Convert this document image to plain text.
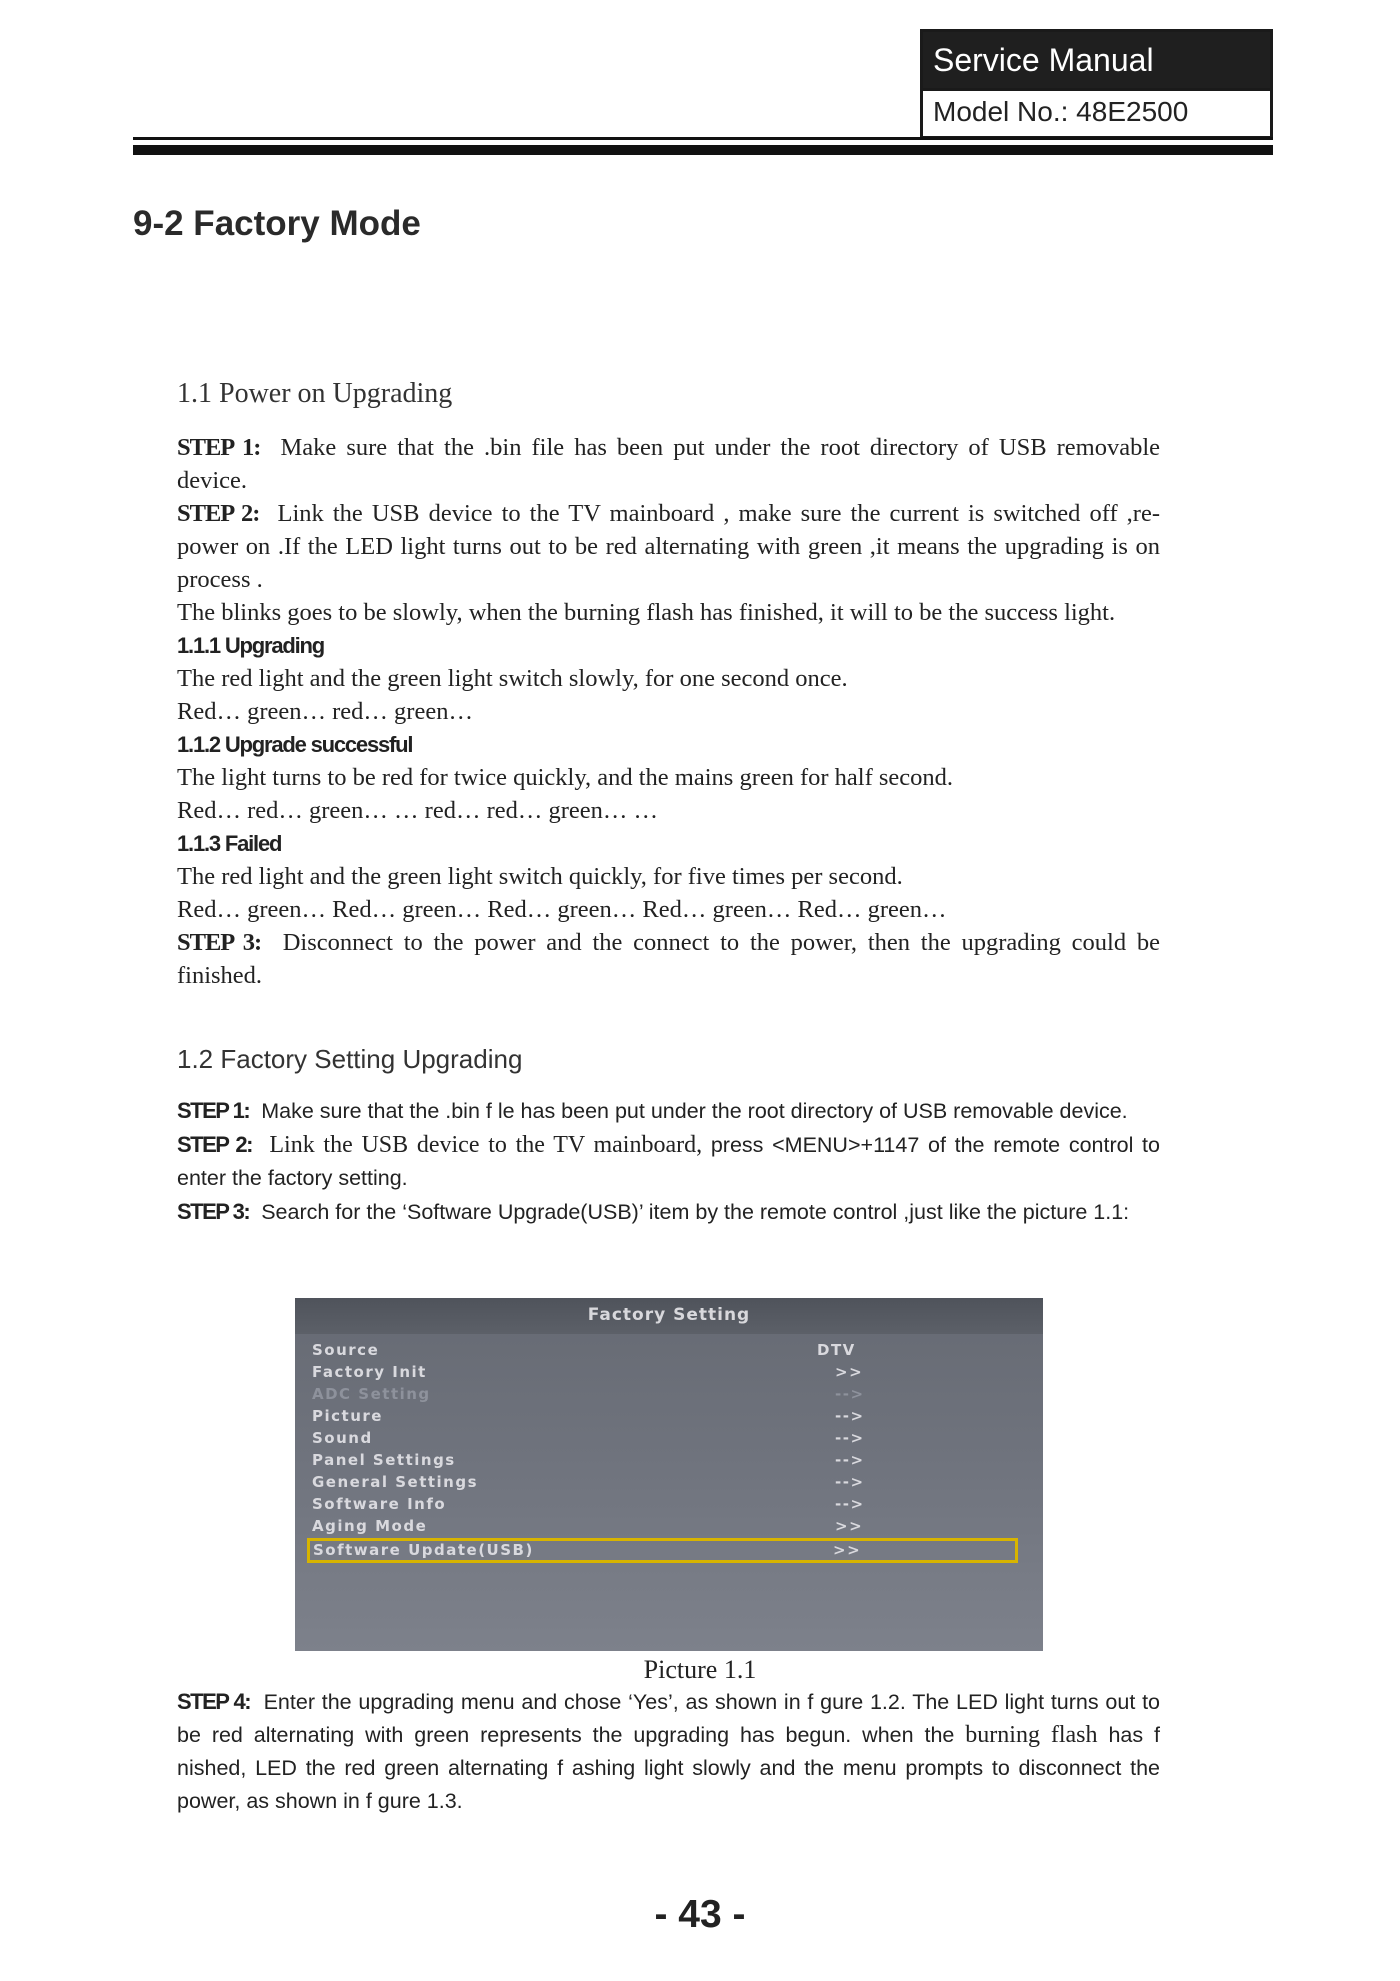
Service Manual
Model No.: 48E2500
9-2 Factory Mode
1.1 Power on Upgrading

STEP 1: Make sure that the .bin file has been put under the root directory of USB removable device.

STEP 2: Link the USB device to the TV mainboard , make sure the current is switched off ,re-power on .If the LED light turns out to be red alternating with green ,it means the upgrading is on process .

The blinks goes to be slowly, when the burning flash has finished, it will to be the success light.

1.1.1 Upgrading

The red light and the green light switch slowly, for one second once.

Red… green… red… green…

1.1.2 Upgrade successful

The light turns to be red for twice quickly, and the mains green for half second.

Red… red… green… … red… red… green… …

1.1.3 Failed

The red light and the green light switch quickly, for five times per second.

Red… green… Red… green… Red… green… Red… green… Red… green…

STEP 3: Disconnect to the power and the connect to the power, then the upgrading could be finished.

1.2 Factory Setting Upgrading

STEP 1: Make sure that the .bin f le has been put under the root directory of USB removable device.

STEP 2: Link the USB device to the TV mainboard, press <MENU>+1147 of the remote control to enter the factory setting.

STEP 3: Search for the ‘Software Upgrade(USB)’ item by the remote control ,just like the picture 1.1:

Factory Setting
Source	DTV
Factory Init	>>
ADC Setting	-->
Picture	-->
Sound	-->
Panel Settings	-->
General Settings	-->
Software Info	-->
Aging Mode	>>
Software Update(USB)	>>
Picture 1.1

STEP 4: Enter the upgrading menu and chose ‘Yes’, as shown in f gure 1.2. The LED light turns out to be red alternating with green represents the upgrading has begun. when the burning flash has f nished, LED the red green alternating f ashing light slowly and the menu prompts to disconnect the power, as shown in f gure 1.3.

- 43 -
